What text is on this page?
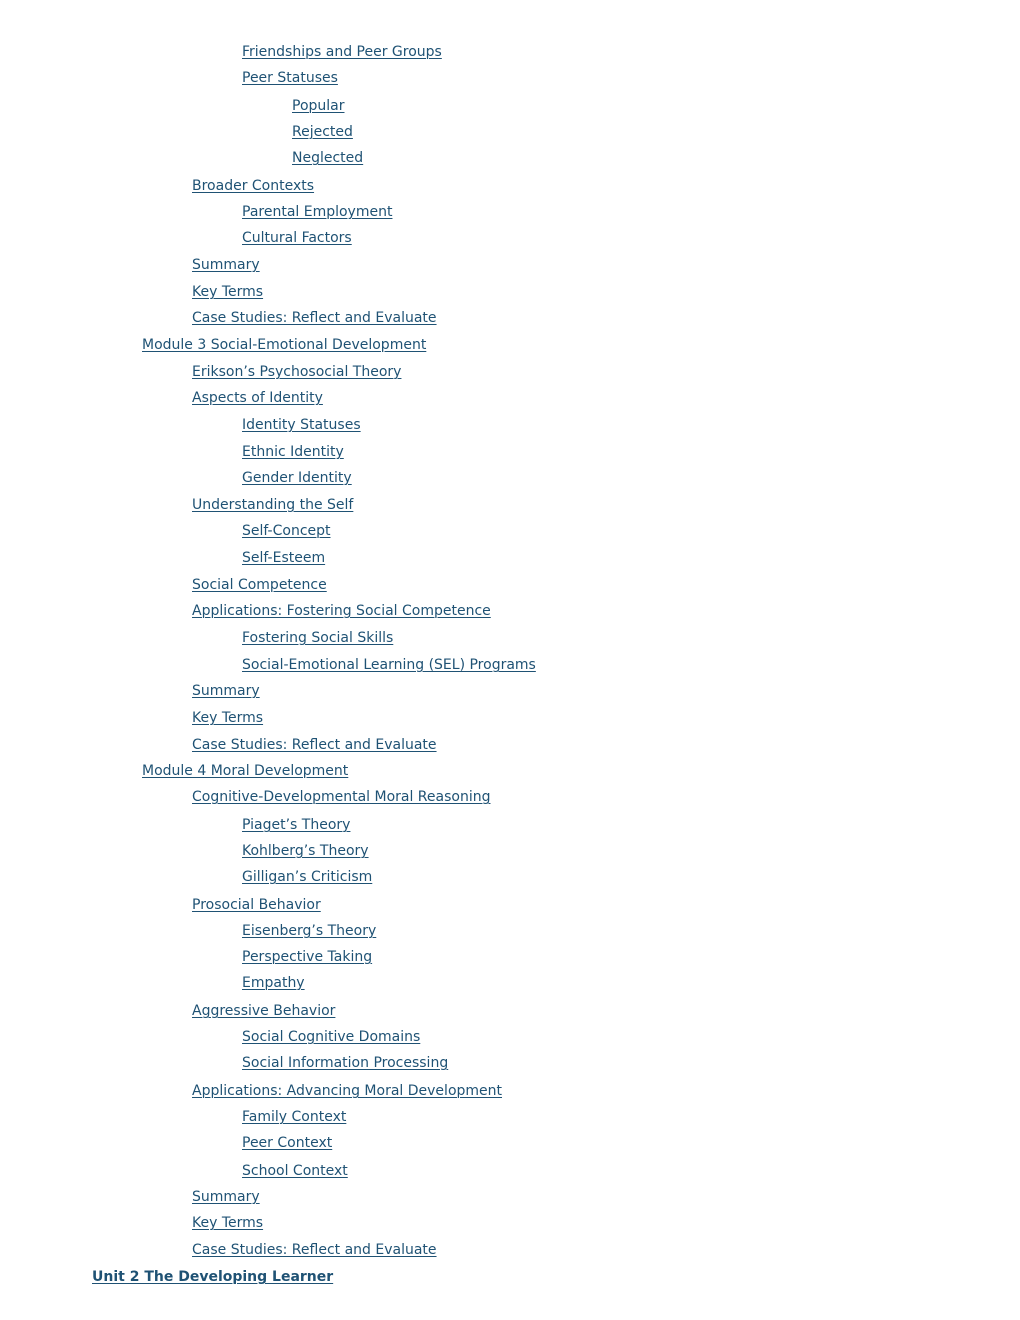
Friendships and Peer Groups
Peer Statuses
Popular
Rejected
Neglected
Broader Contexts
Parental Employment
Cultural Factors
Summary
Key Terms
Case Studies: Reflect and Evaluate
Module 3 Social-Emotional Development
Erikson’s Psychosocial Theory
Aspects of Identity
Identity Statuses
Ethnic Identity
Gender Identity
Understanding the Self
Self-Concept
Self-Esteem
Social Competence
Applications: Fostering Social Competence
Fostering Social Skills
Social-Emotional Learning (SEL) Programs
Summary
Key Terms
Case Studies: Reflect and Evaluate
Module 4 Moral Development
Cognitive-Developmental Moral Reasoning
Piaget’s Theory
Kohlberg’s Theory
Gilligan’s Criticism
Prosocial Behavior
Eisenberg’s Theory
Perspective Taking
Empathy
Aggressive Behavior
Social Cognitive Domains
Social Information Processing
Applications: Advancing Moral Development
Family Context
Peer Context
School Context
Summary
Key Terms
Case Studies: Reflect and Evaluate
Unit 2 The Developing Learner
